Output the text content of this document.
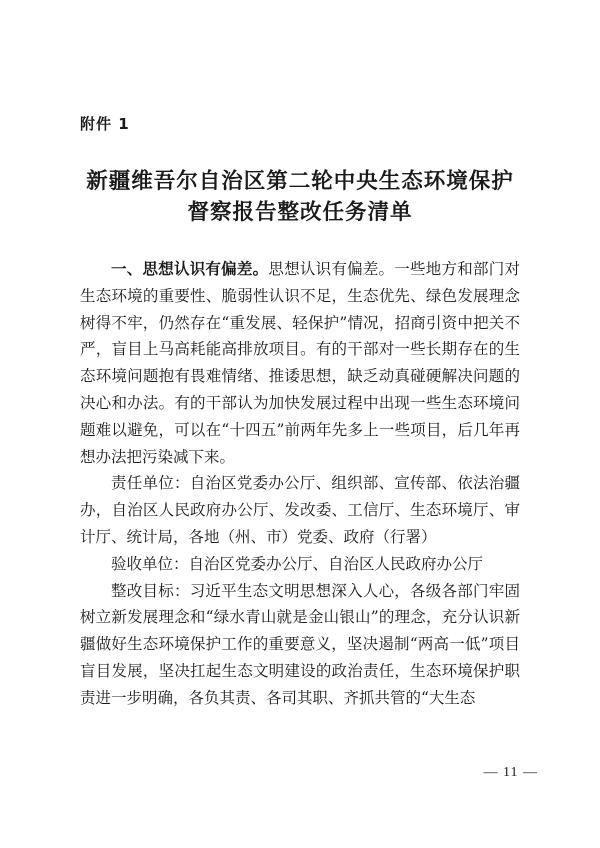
附件 1
新疆维吾尔自治区第二轮中央生态环境保护
督察报告整改任务清单

一、思想认识有偏差。思想认识有偏差。一些地方和部门对生态环境的重要性、脆弱性认识不足，生态优先、绿色发展理念树得不牢，仍然存在“重发展、轻保护”情况，招商引资中把关不严，盲目上马高耗能高排放项目。有的干部对一些长期存在的生态环境问题抱有畏难情绪、推诿思想，缺乏动真碰硬解决问题的决心和办法。有的干部认为加快发展过程中出现一些生态环境问题难以避免，可以在“十四五”前两年先多上一些项目，后几年再想办法把污染减下来。

责任单位：自治区党委办公厅、组织部、宣传部、依法治疆办，自治区人民政府办公厅、发改委、工信厅、生态环境厅、审计厅、统计局，各地（州、市）党委、政府（行署）

验收单位：自治区党委办公厅、自治区人民政府办公厅

整改目标：习近平生态文明思想深入人心，各级各部门牢固树立新发展理念和“绿水青山就是金山银山”的理念，充分认识新疆做好生态环境保护工作的重要意义，坚决遏制“两高一低”项目盲目发展，坚决扛起生态文明建设的政治责任，生态环境保护职责进一步明确，各负其责、各司其职、齐抓共管的“大生态

— 11 —
